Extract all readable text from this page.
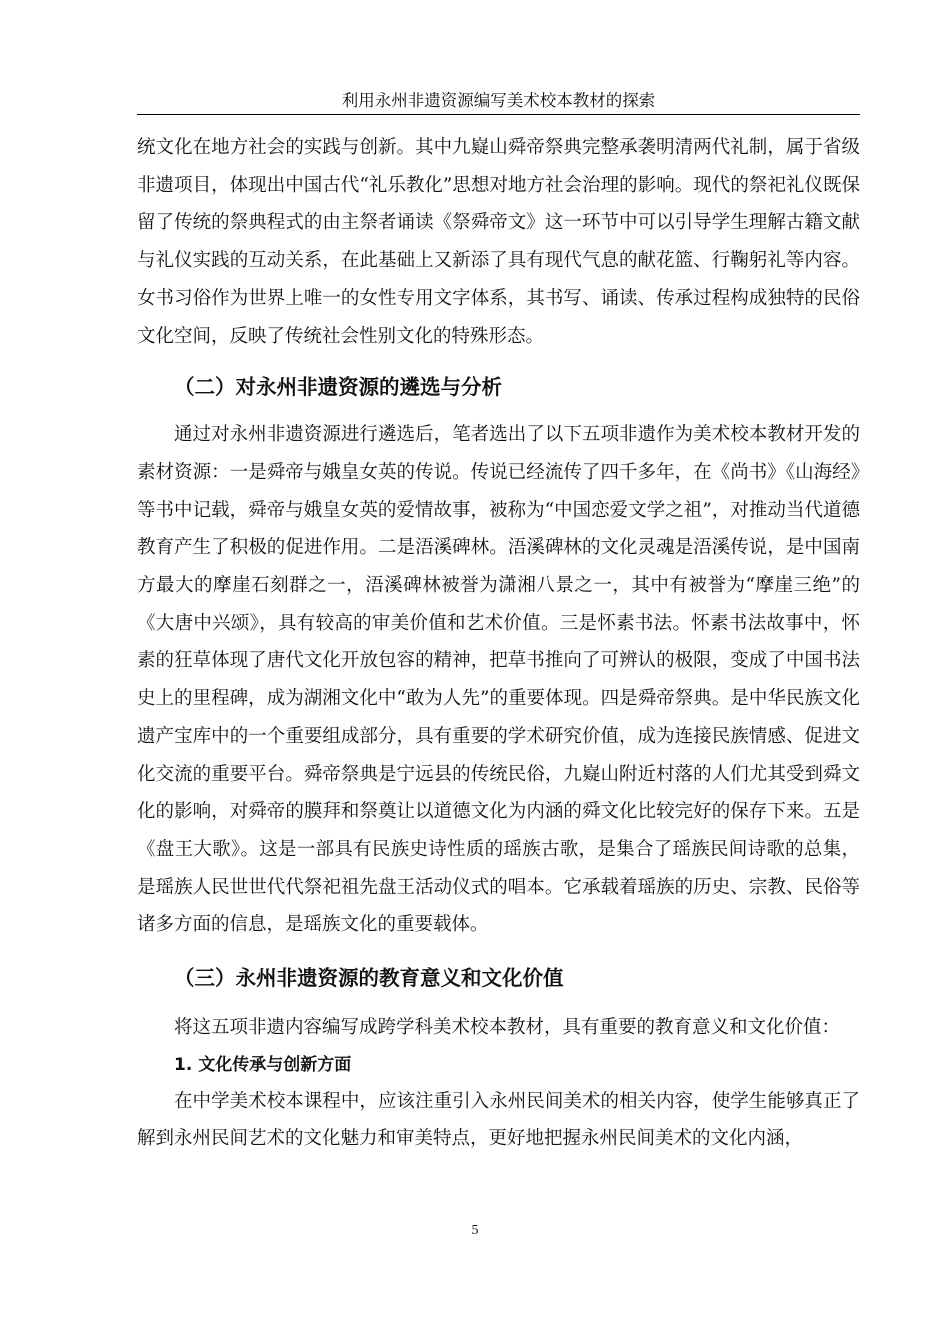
利用永州非遗资源编写美术校本教材的探索

统文化在地方社会的实践与创新。其中九嶷山舜帝祭典完整承袭明清两代礼制，属于省级非遗项目，体现出中国古代“礼乐教化”思想对地方社会治理的影响。现代的祭祀礼仪既保留了传统的祭典程式的由主祭者诵读《祭舜帝文》这一环节中可以引导学生理解古籍文献与礼仪实践的互动关系，在此基础上又新添了具有现代气息的献花篮、行鞠躬礼等内容。女书习俗作为世界上唯一的女性专用文字体系，其书写、诵读、传承过程构成独特的民俗文化空间，反映了传统社会性别文化的特殊形态。

（二）对永州非遗资源的遴选与分析

通过对永州非遗资源进行遴选后，笔者选出了以下五项非遗作为美术校本教材开发的素材资源：一是舜帝与娥皇女英的传说。传说已经流传了四千多年，在《尚书》《山海经》等书中记载，舜帝与娥皇女英的爱情故事，被称为“中国恋爱文学之祖”，对推动当代道德教育产生了积极的促进作用。二是浯溪碑林。浯溪碑林的文化灵魂是浯溪传说，是中国南方最大的摩崖石刻群之一，浯溪碑林被誉为潇湘八景之一，其中有被誉为“摩崖三绝”的《大唐中兴颂》，具有较高的审美价值和艺术价值。三是怀素书法。怀素书法故事中，怀素的狂草体现了唐代文化开放包容的精神，把草书推向了可辨认的极限，变成了中国书法史上的里程碑，成为湖湘文化中“敢为人先”的重要体现。四是舜帝祭典。是中华民族文化遗产宝库中的一个重要组成部分，具有重要的学术研究价值，成为连接民族情感、促进文化交流的重要平台。舜帝祭典是宁远县的传统民俗，九嶷山附近村落的人们尤其受到舜文化的影响，对舜帝的膜拜和祭奠让以道德文化为内涵的舜文化比较完好的保存下来。五是《盘王大歌》。这是一部具有民族史诗性质的瑶族古歌，是集合了瑶族民间诗歌的总集，是瑶族人民世世代代祭祀祖先盘王活动仪式的唱本。它承载着瑶族的历史、宗教、民俗等诸多方面的信息，是瑶族文化的重要载体。

（三）永州非遗资源的教育意义和文化价值

将这五项非遗内容编写成跨学科美术校本教材，具有重要的教育意义和文化价值：

1. 文化传承与创新方面

在中学美术校本课程中，应该注重引入永州民间美术的相关内容，使学生能够真正了解到永州民间艺术的文化魅力和审美特点，更好地把握永州民间美术的文化内涵，

5
